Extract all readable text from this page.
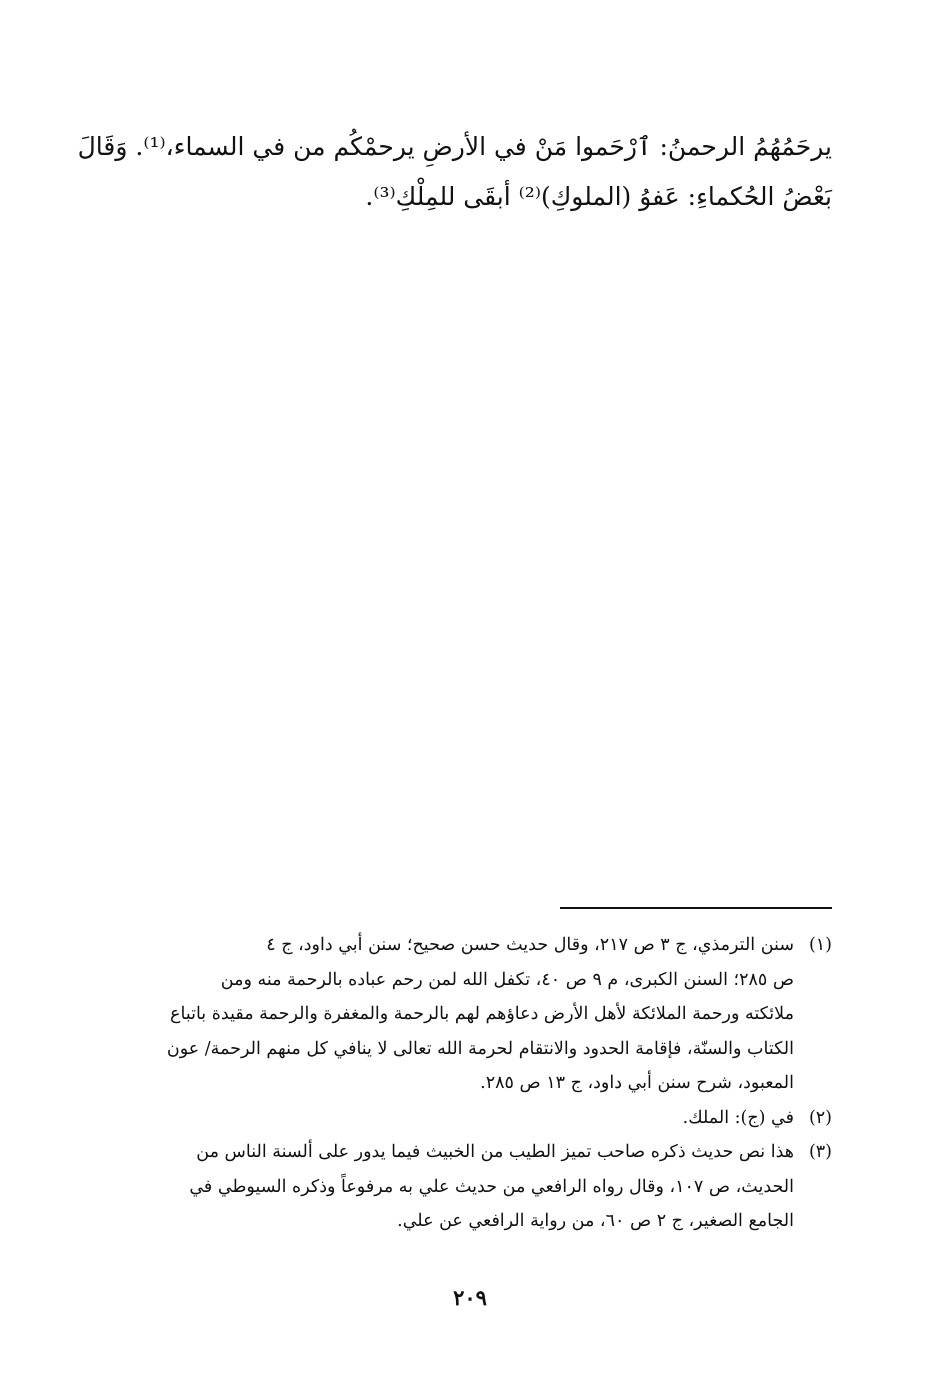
يرحَمُهُمُ الرحمنُ: ٱرْحَموا مَنْ في الأرضِ يرحمْكُم من في السماء،⁽¹⁾. وَقَالَ
بَعْضُ الحُكماءِ: عَفوُ (الملوكِ)⁽²⁾ أبقَى للمِلْكِ⁽³⁾.
(١)
سنن الترمذي، ج ٣ ص ٢١٧، وقال حديث حسن صحيح؛ سنن أبي داود، ج ٤
ص ٢٨٥؛ السنن الكبرى، م ٩ ص ٤٠، تكفل الله لمن رحم عباده بالرحمة منه ومن
ملائكته ورحمة الملائكة لأهل الأرض دعاؤهم لهم بالرحمة والمغفرة والرحمة مقيدة باتباع
الكتاب والسنّة، فإقامة الحدود والانتقام لحرمة الله تعالى لا ينافي كل منهم الرحمة/ عون
المعبود، شرح سنن أبي داود، ج ١٣ ص ٢٨٥.
(٢)
في (ج): الملك.
(٣)
هذا نص حديث ذكره صاحب تميز الطيب من الخبيث فيما يدور على ألسنة الناس من
الحديث، ص ١٠٧، وقال رواه الرافعي من حديث علي به مرفوعاً وذكره السيوطي في
الجامع الصغير، ج ٢ ص ٦٠، من رواية الرافعي عن علي.
٢٠٩
